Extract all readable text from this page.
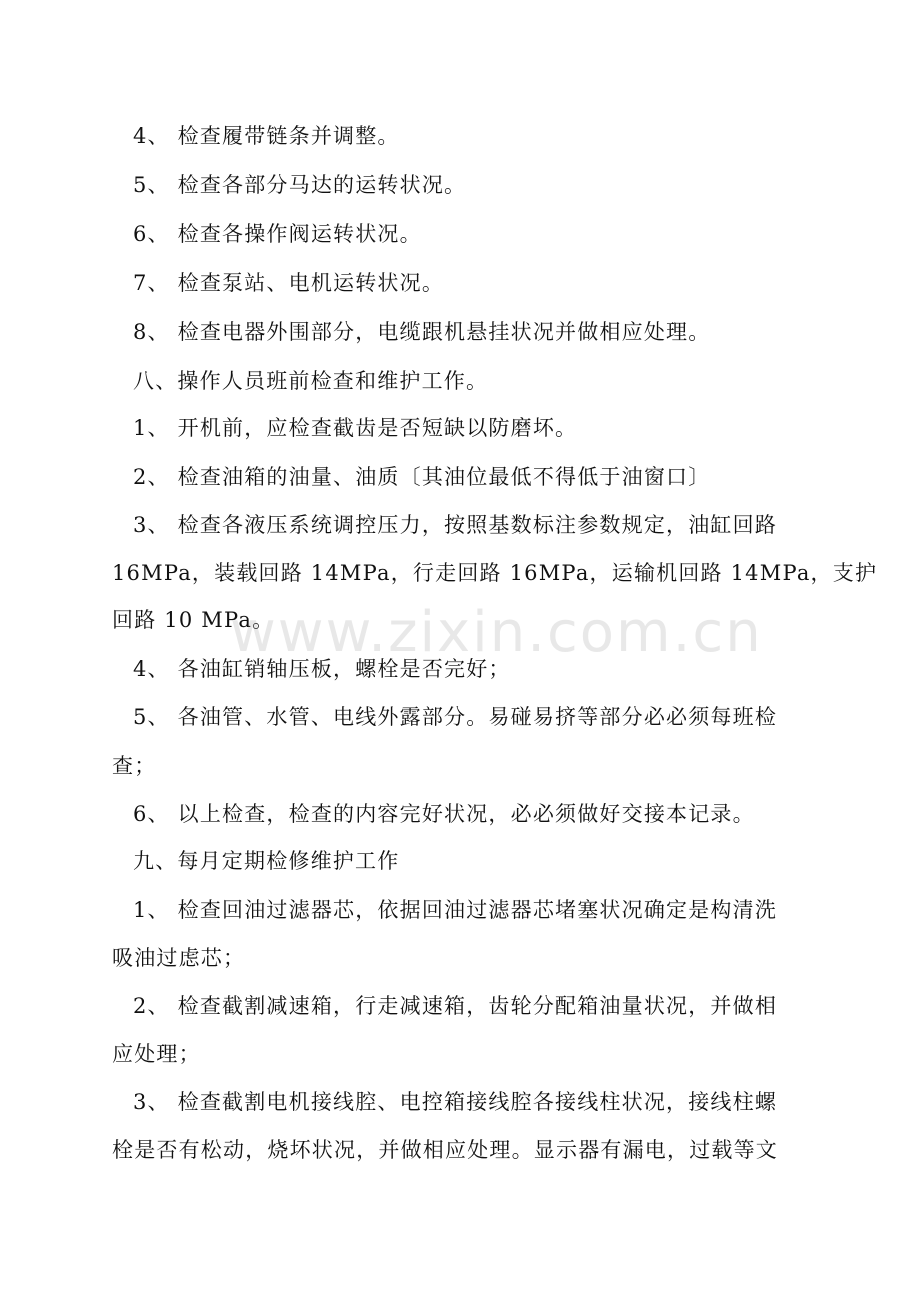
4、 检查履带链条并调整。
5、 检查各部分马达的运转状况。
6、 检查各操作阀运转状况。
7、 检查泵站、电机运转状况。
8、 检查电器外围部分，电缆跟机悬挂状况并做相应处理。
八、操作人员班前检查和维护工作。
1、 开机前，应检查截齿是否短缺以防磨坏。
2、 检查油箱的油量、油质〔其油位最低不得低于油窗口〕
3、 检查各液压系统调控压力，按照基数标注参数规定，油缸回路
16MPa，装载回路 14MPa，行走回路 16MPa，运输机回路 14MPa，支护
回路 10 MPa。
4、 各油缸销轴压板，螺栓是否完好；
5、 各油管、水管、电线外露部分。易碰易挤等部分必必须每班检
查；
6、 以上检查，检查的内容完好状况，必必须做好交接本记录。
九、每月定期检修维护工作
1、 检查回油过滤器芯，依据回油过滤器芯堵塞状况确定是构清洗
吸油过虑芯；
2、 检查截割减速箱，行走减速箱，齿轮分配箱油量状况，并做相
应处理；
3、 检查截割电机接线腔、电控箱接线腔各接线柱状况，接线柱螺
栓是否有松动，烧坏状况，并做相应处理。显示器有漏电，过载等文
www.zixin.com.cn
